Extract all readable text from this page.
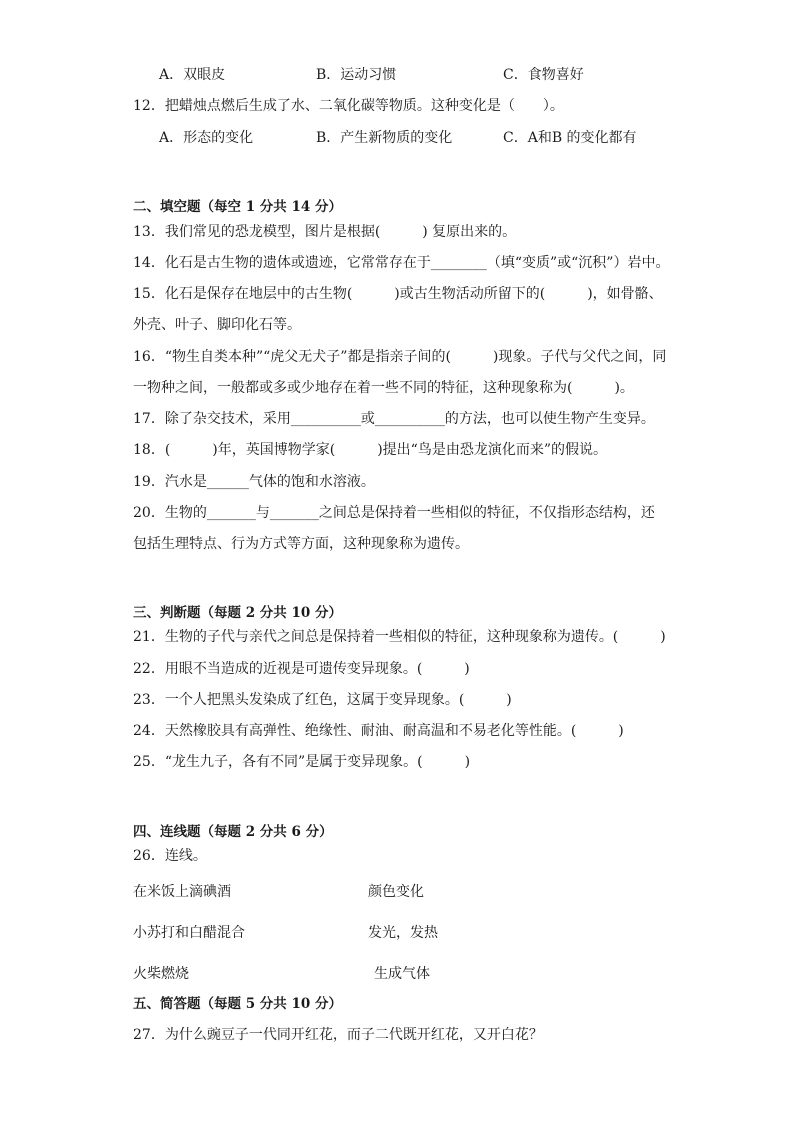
A．双眼皮	B．运动习惯	C．食物喜好
12．把蜡烛点燃后生成了水、二氧化碳等物质。这种变化是（　　）。
A．形态的变化	B．产生新物质的变化	C．A和B 的变化都有
二、填空题（每空 1 分共 14 分）
13．我们常见的恐龙模型，图片是根据(　　　) 复原出来的。
14．化石是古生物的遗体或遗迹，它常常存在于________（填“变质”或“沉积”）岩中。
15．化石是保存在地层中的古生物(　　　)或古生物活动所留下的(　　　)，如骨骼、
外壳、叶子、脚印化石等。
16．“物生自类本种”“虎父无犬子”都是指亲子间的(　　　)现象。子代与父代之间，同
一物种之间，一般都或多或少地存在着一些不同的特征，这种现象称为(　　　)。
17．除了杂交技术，采用__________或__________的方法，也可以使生物产生变异。
18．(　　　)年，英国博物学家(　　　)提出“鸟是由恐龙演化而来”的假说。
19．汽水是______气体的饱和水溶液。
20．生物的_______与_______之间总是保持着一些相似的特征，不仅指形态结构，还
包括生理特点、行为方式等方面，这种现象称为遗传。
三、判断题（每题 2 分共 10 分）
21．生物的子代与亲代之间总是保持着一些相似的特征，这种现象称为遗传。(　　　)
22．用眼不当造成的近视是可遗传变异现象。(　　　)
23．一个人把黑头发染成了红色，这属于变异现象。(　　　)
24．天然橡胶具有高弹性、绝缘性、耐油、耐高温和不易老化等性能。(　　　)
25．“龙生九子，各有不同”是属于变异现象。(　　　)
四、连线题（每题 2 分共 6 分）
26．连线。
在米饭上滴碘酒	颜色变化
小苏打和白醋混合	发光，发热
火柴燃烧	生成气体
五、简答题（每题 5 分共 10 分）
27．为什么豌豆子一代同开红花，而子二代既开红花，又开白花？
